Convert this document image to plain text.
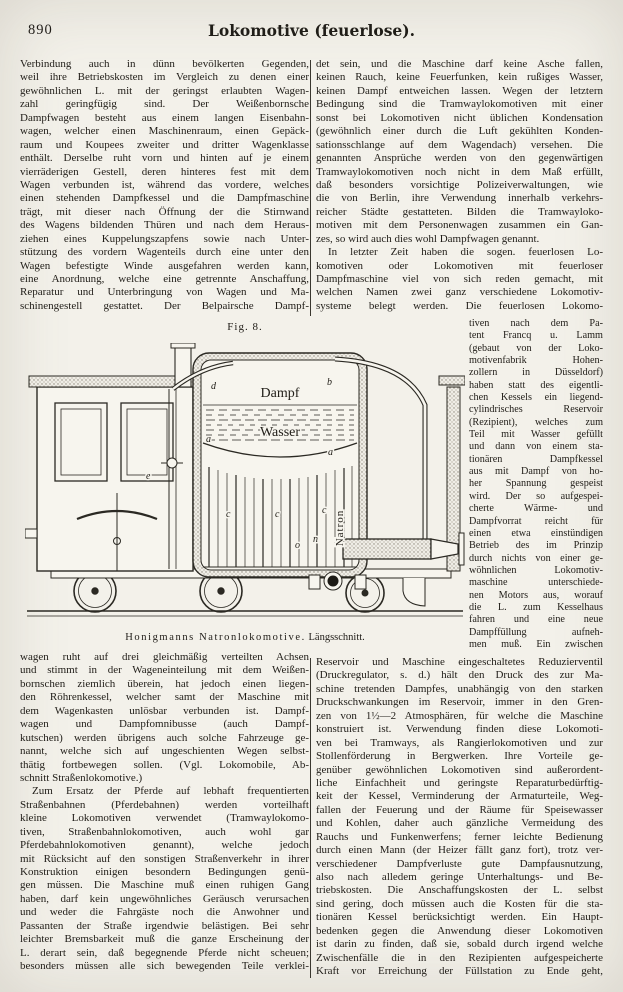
890	Lokomotive (feuerlose).
Verbindung auch in dünn bevölkerten Gegenden,
weil ihre Betriebskosten im Vergleich zu denen einer
gewöhnlichen L. mit der geringst erlaubten Wagen-
zahl geringfügig sind. Der Weißenbornsche
Dampfwagen besteht aus einem langen Eisenbahn-
wagen, welcher einen Maschinenraum, einen Gepäck-
raum und Koupees zweiter und dritter Wagenklasse
enthält. Derselbe ruht vorn und hinten auf je einem
vierräderigen Gestell, deren hinteres fest mit dem
Wagen verbunden ist, während das vordere, welches
einen stehenden Dampfkessel und die Dampfmaschine
trägt, mit dieser nach Öffnung der die Stirnwand
des Wagens bildenden Thüren und nach dem Heraus-
ziehen eines Kuppelungszapfens sowie nach Unter-
stützung des vordern Wagenteils durch eine unter den
Wagen befestigte Winde ausgefahren werden kann,
eine Anordnung, welche eine getrennte Anschaffung,
Reparatur und Unterbringung von Wagen und Ma-
schinengestell gestattet. Der Belpairsche Dampf-
det sein, und die Maschine darf keine Asche fallen,
keinen Rauch, keine Feuerfunken, kein rußiges Wasser,
keinen Dampf entweichen lassen. Wegen der letztern
Bedingung sind die Tramwaylokomotiven mit einer
sonst bei Lokomotiven nicht üblichen Kondensation
(gewöhnlich einer durch die Luft gekühlten Konden-
sationsschlange auf dem Wagendach) versehen. Die
genannten Ansprüche werden von den gegenwärtigen
Tramwaylokomotiven noch nicht in dem Maß erfüllt,
daß besonders vorsichtige Polizeiverwaltungen, wie
die von Berlin, ihre Verwendung innerhalb verkehrs-
reicher Städte gestatteten. Bilden die Tramwayloko-
motiven mit dem Personenwagen zusammen ein Gan-
zes, so wird auch dies wohl Dampfwagen genannt.
In letzter Zeit haben die sogen. feuerlosen Lo-
komotiven oder Lokomotiven mit feuerloser
Dampfmaschine viel von sich reden gemacht, mit
welchen Namen zwei ganz verschiedene Lokomotiv-
systeme belegt werden. Die feuerlosen Lokomo-
Fig. 8.
Dampf
Wasser
Natron
b
d
a
a
c	c	c
e
n
o
tiven nach dem Pa-
tent Francq u. Lamm
(gebaut von der Loko-
motivenfabrik Hohen-
zollern in Düsseldorf)
haben statt des eigentli-
chen Kessels ein liegend-
cylindrisches Reservoir
(Rezipient), welches zum
Teil mit Wasser gefüllt
und dann von einem sta-
tionären Dampfkessel
aus mit Dampf von ho-
her Spannung gespeist
wird. Der so aufgespei-
cherte Wärme- und
Dampfvorrat reicht für
einen etwa einstündigen
Betrieb des im Prinzip
durch nichts von einer ge-
wöhnlichen Lokomotiv-
maschine unterschiede-
nen Motors aus, worauf
die L. zum Kesselhaus
fahren und eine neue
Dampffüllung aufneh-
men muß. Ein zwischen
Honigmanns Natronlokomotive. Längsschnitt.
wagen ruht auf drei gleichmäßig verteilten Achsen
und stimmt in der Wageneinteilung mit dem Weißen-
bornschen ziemlich überein, hat jedoch einen liegen-
den Röhrenkessel, welcher samt der Maschine mit
dem Wagenkasten unlösbar verbunden ist. Dampf-
wagen und Dampfomnibusse (auch Dampf-
kutschen) werden übrigens auch solche Fahrzeuge ge-
nannt, welche sich auf ungeschienten Wegen selbst-
thätig fortbewegen sollen. (Vgl. Lokomobile, Ab-
schnitt Straßenlokomotive.)
Zum Ersatz der Pferde auf lebhaft frequentierten
Straßenbahnen (Pferdebahnen) werden vorteilhaft
kleine Lokomotiven verwendet (Tramwaylokomo-
tiven, Straßenbahnlokomotiven, auch wohl gar
Pferdebahnlokomotiven genannt), welche jedoch
mit Rücksicht auf den sonstigen Straßenverkehr in ihrer
Konstruktion einigen besondern Bedingungen genü-
gen müssen. Die Maschine muß einen ruhigen Gang
haben, darf kein ungewöhnliches Geräusch verursachen
und weder die Fahrgäste noch die Anwohner und
Passanten der Straße irgendwie belästigen. Bei sehr
leichter Bremsbarkeit muß die ganze Erscheinung der
L. derart sein, daß begegnende Pferde nicht scheuen;
besonders müssen alle sich bewegenden Teile verklei-
Reservoir und Maschine eingeschaltetes Reduzierventil
(Druckregulator, s. d.) hält den Druck des zur Ma-
schine tretenden Dampfes, unabhängig von den starken
Druckschwankungen im Reservoir, immer in den Gren-
zen von 1½—2 Atmosphären, für welche die Maschine
konstruiert ist. Verwendung finden diese Lokomoti-
ven bei Tramways, als Rangierlokomotiven und zur
Stollenförderung in Bergwerken. Ihre Vorteile ge-
genüber gewöhnlichen Lokomotiven sind außerordent-
liche Einfachheit und geringste Reparaturbedürftig-
keit der Kessel, Verminderung der Armaturteile, Weg-
fallen der Feuerung und der Räume für Speisewasser
und Kohlen, daher auch gänzliche Vermeidung des
Rauchs und Funkenwerfens; ferner leichte Bedienung
durch einen Mann (der Heizer fällt ganz fort), trotz ver-
verschiedener Dampfverluste gute Dampfausnutzung,
also nach alledem geringe Unterhaltungs- und Be-
triebskosten. Die Anschaffungskosten der L. selbst
sind gering, doch müssen auch die Kosten für die sta-
tionären Kessel berücksichtigt werden. Ein Haupt-
bedenken gegen die Anwendung dieser Lokomotiven
ist darin zu finden, daß sie, sobald durch irgend welche
Zwischenfälle die in den Rezipienten aufgespeicherte
Kraft vor Erreichung der Füllstation zu Ende geht,
